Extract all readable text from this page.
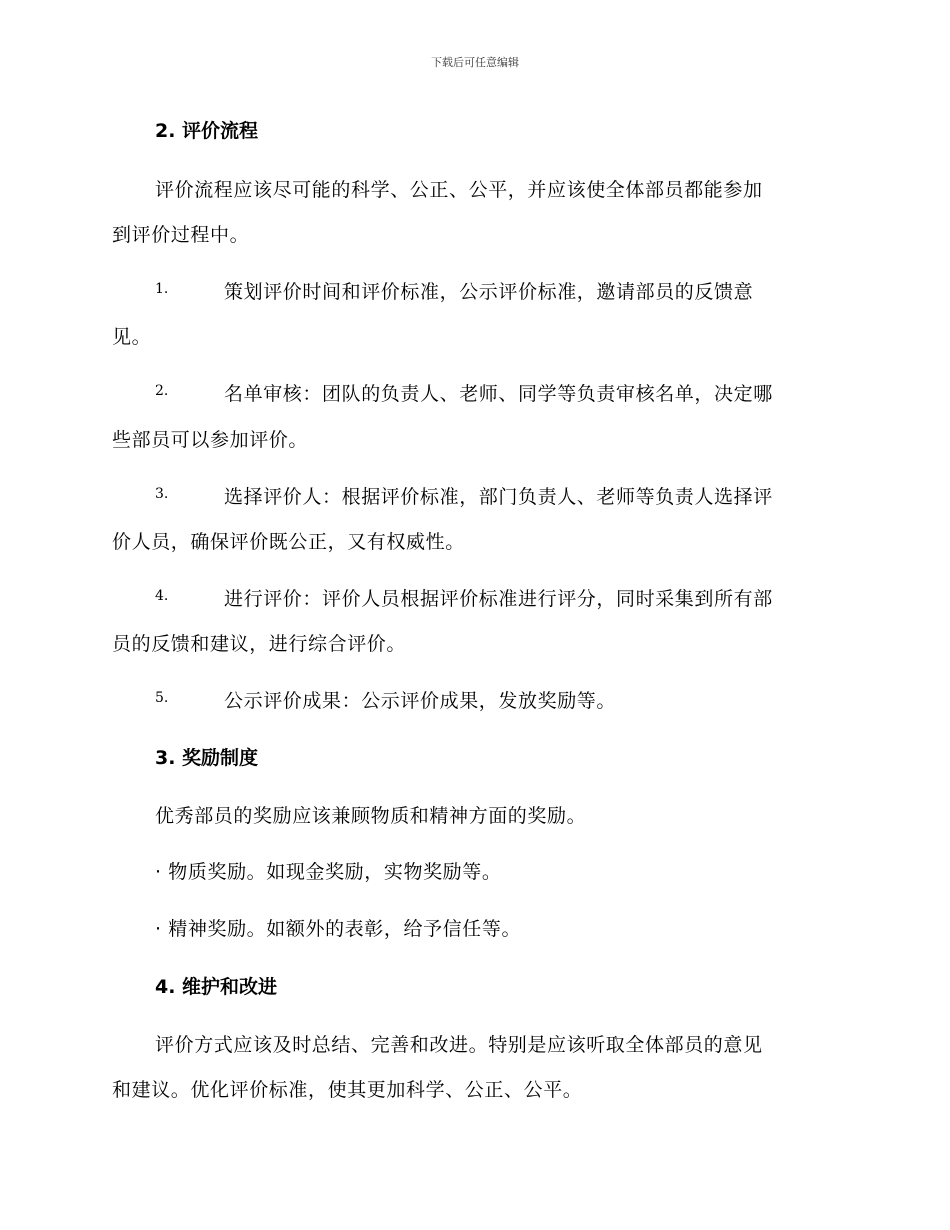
下载后可任意编辑
2. 评价流程
评价流程应该尽可能的科学、公正、公平，并应该使全体部员都能参加
到评价过程中。
1.	策划评价时间和评价标准，公示评价标准，邀请部员的反馈意
见。
2.	名单审核：团队的负责人、老师、同学等负责审核名单，决定哪
些部员可以参加评价。
3.	选择评价人：根据评价标准，部门负责人、老师等负责人选择评
价人员，确保评价既公正，又有权威性。
4.	进行评价：评价人员根据评价标准进行评分，同时采集到所有部
员的反馈和建议，进行综合评价。
5.	公示评价成果：公示评价成果，发放奖励等。
3. 奖励制度
优秀部员的奖励应该兼顾物质和精神方面的奖励。
· 物质奖励。如现金奖励，实物奖励等。
· 精神奖励。如额外的表彰，给予信任等。
4. 维护和改进
评价方式应该及时总结、完善和改进。特别是应该听取全体部员的意见
和建议。优化评价标准，使其更加科学、公正、公平。
